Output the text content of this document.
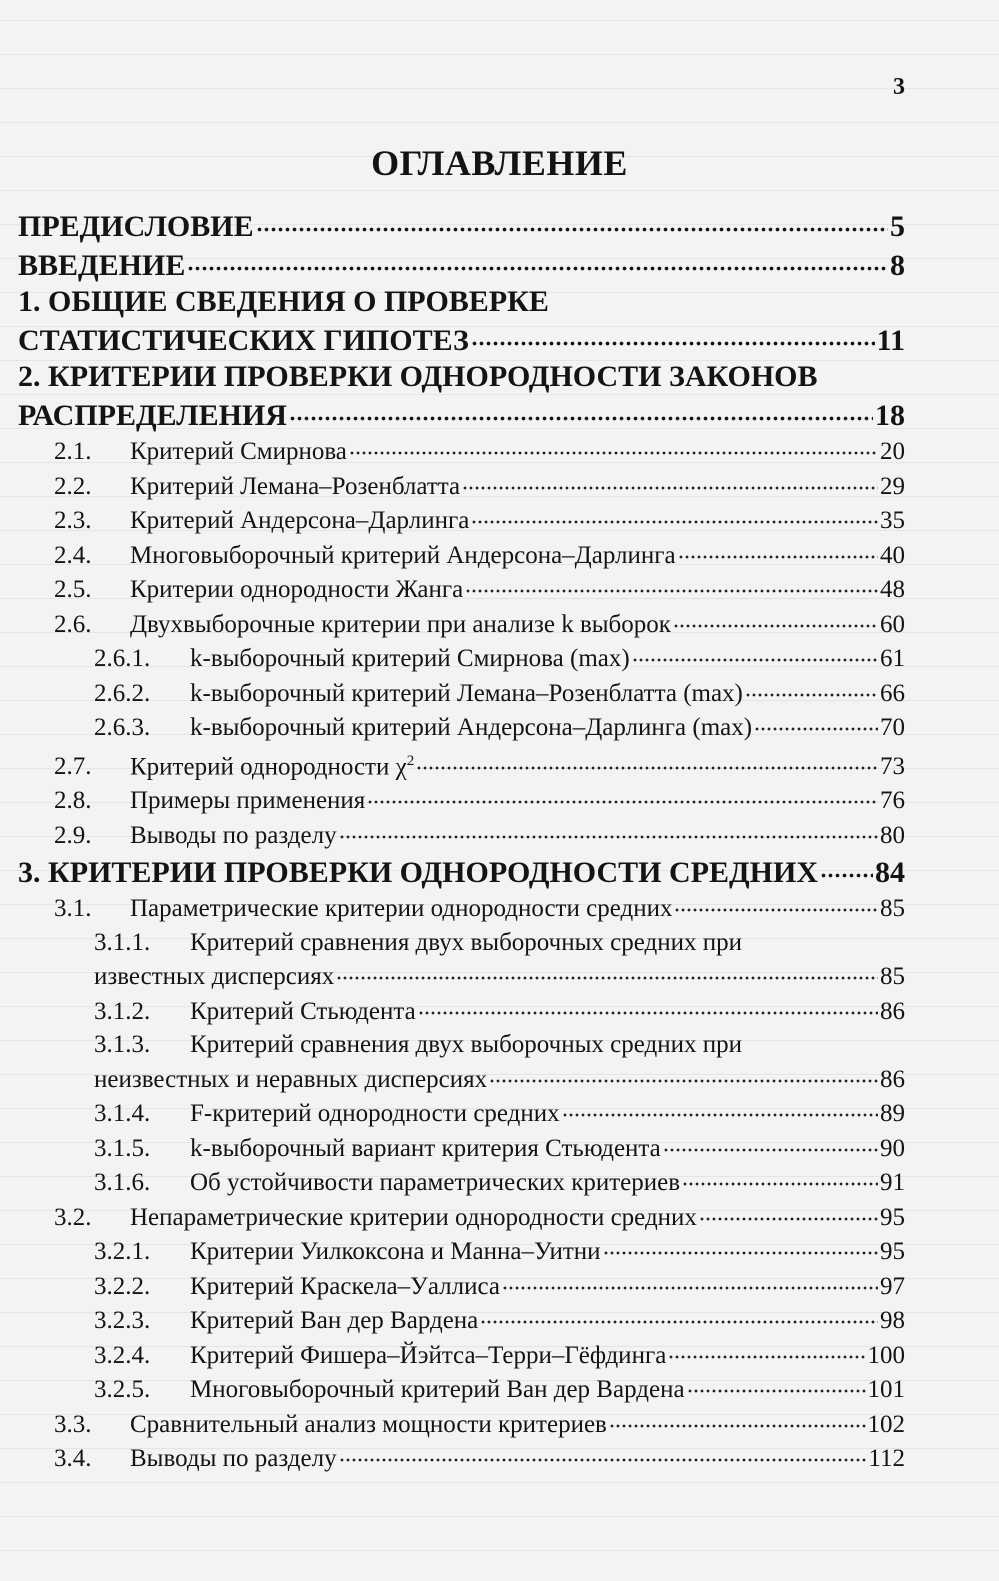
3
ОГЛАВЛЕНИЕ
ПРЕДИСЛОВИЕ	5
ВВЕДЕНИЕ	8
1. ОБЩИЕ СВЕДЕНИЯ О ПРОВЕРКЕ
СТАТИСТИЧЕСКИХ ГИПОТЕЗ	11
2. КРИТЕРИИ ПРОВЕРКИ ОДНОРОДНОСТИ ЗАКОНОВ
РАСПРЕДЕЛЕНИЯ	18
2.1.	Критерий Смирнова	20
2.2.	Критерий Лемана–Розенблатта	29
2.3.	Критерий Андерсона–Дарлинга	35
2.4.	Многовыборочный критерий Андерсона–Дарлинга	40
2.5.	Критерии однородности Жанга	48
2.6.	Двухвыборочные критерии при анализе k выборок	60
2.6.1.	k-выборочный критерий Смирнова (max)	61
2.6.2.	k-выборочный критерий Лемана–Розенблатта (max)	66
2.6.3.	k-выборочный критерий Андерсона–Дарлинга (max)	70
2.7.	Критерий однородности $\chi^2$	73
2.8.	Примеры применения	76
2.9.	Выводы по разделу	80
3. КРИТЕРИИ ПРОВЕРКИ ОДНОРОДНОСТИ СРЕДНИХ 84
3.1.	Параметрические критерии однородности средних	85
3.1.1.	Критерий сравнения двух выборочных средних при
известных дисперсиях	85
3.1.2.	Критерий Стьюдента	86
3.1.3.	Критерий сравнения двух выборочных средних при
неизвестных и неравных дисперсиях	86
3.1.4.	F-критерий однородности средних	89
3.1.5.	k-выборочный вариант критерия Стьюдента	90
3.1.6.	Об устойчивости параметрических критериев	91
3.2.	Непараметрические критерии однородности средних	95
3.2.1.	Критерии Уилкоксона и Манна–Уитни	95
3.2.2.	Критерий Краскела–Уаллиса	97
3.2.3.	Критерий Ван дер Вардена	98
3.2.4.	Критерий Фишера–Йэйтса–Терри–Гёфдинга	100
3.2.5.	Многовыборочный критерий Ван дер Вардена	101
3.3.	Сравнительный анализ мощности критериев	102
3.4.	Выводы по разделу	112
